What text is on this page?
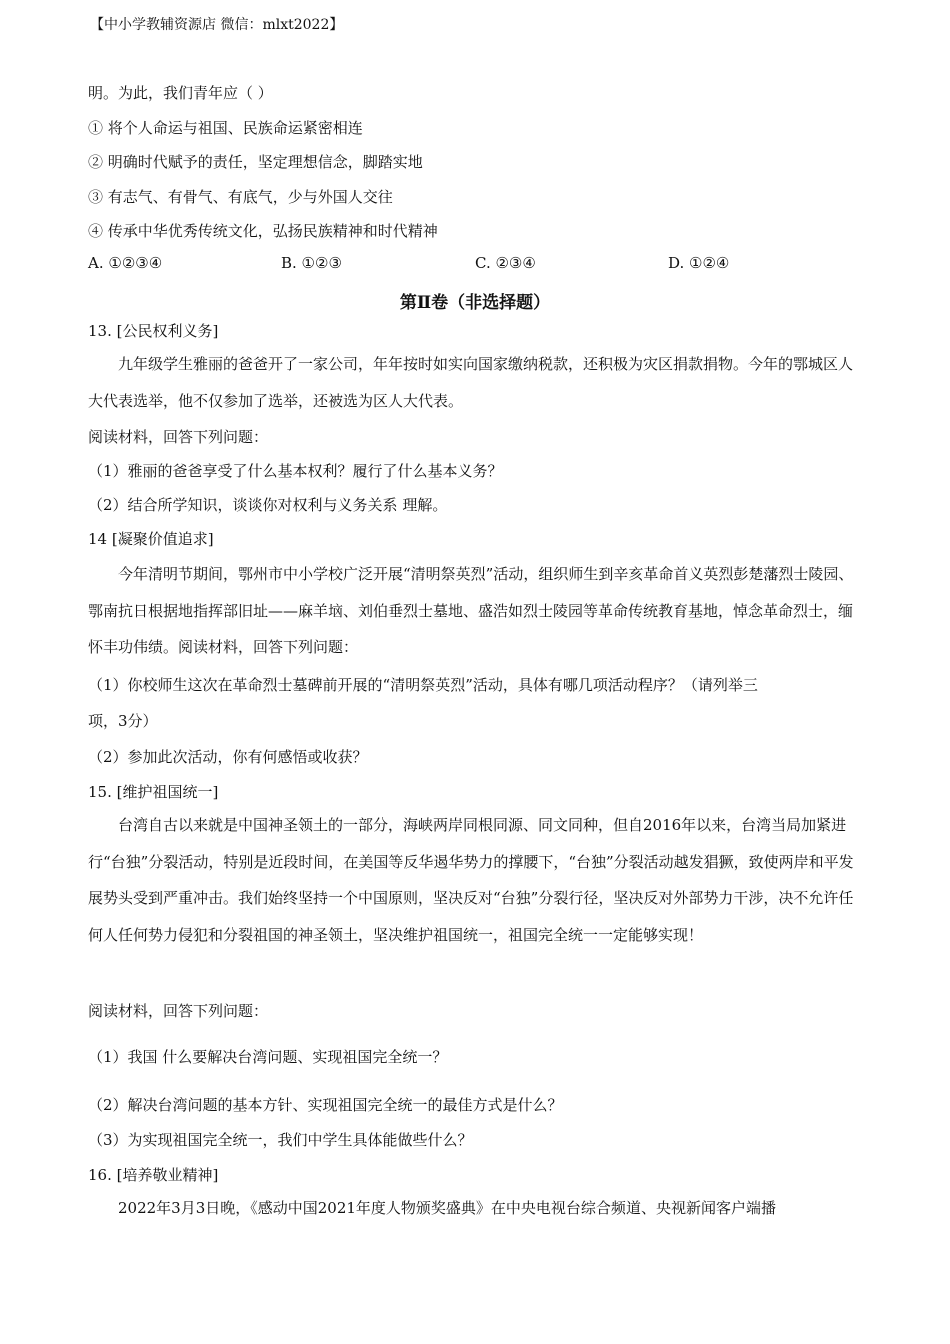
【中小学教辅资源店 微信：mlxt2022】
明。为此，我们青年应（ ）
① 将个人命运与祖国、民族命运紧密相连
② 明确时代赋予的责任，坚定理想信念，脚踏实地
③ 有志气、有骨气、有底气，少与外国人交往
④ 传承中华优秀传统文化，弘扬民族精神和时代精神
A. ①②③④	B. ①②③	C. ②③④	D. ①②④
第Ⅱ卷（非选择题）
13. [公民权利义务]
九年级学生雅丽的爸爸开了一家公司，年年按时如实向国家缴纳税款，还积极为灾区捐款捐物。今年的鄂城区人大代表选举，他不仅参加了选举，还被选为区人大代表。
阅读材料，回答下列问题：
（1）雅丽的爸爸享受了什么基本权利？履行了什么基本义务？
（2）结合所学知识，谈谈你对权利与义务关系 理解。
14 [凝聚价值追求]
今年清明节期间，鄂州市中小学校广泛开展“清明祭英烈”活动，组织师生到辛亥革命首义英烈彭楚藩烈士陵园、鄂南抗日根据地指挥部旧址——麻羊垴、刘伯垂烈士墓地、盛浩如烈士陵园等革命传统教育基地，悼念革命烈士，缅怀丰功伟绩。阅读材料，回答下列问题：
（1）你校师生这次在革命烈士墓碑前开展的“清明祭英烈”活动，具体有哪几项活动程序？（请列举三
项，3分）
（2）参加此次活动，你有何感悟或收获？
15. [维护祖国统一]
台湾自古以来就是中国神圣领土的一部分，海峡两岸同根同源、同文同种，但自2016年以来，台湾当局加紧进行“台独”分裂活动，特别是近段时间，在美国等反华遏华势力的撑腰下，“台独”分裂活动越发猖獗，致使两岸和平发展势头受到严重冲击。我们始终坚持一个中国原则，坚决反对“台独”分裂行径，坚决反对外部势力干涉，决不允许任何人任何势力侵犯和分裂祖国的神圣领土，坚决维护祖国统一，祖国完全统一一定能够实现！
阅读材料，回答下列问题：
（1）我国 什么要解决台湾问题、实现祖国完全统一？
（2）解决台湾问题的基本方针、实现祖国完全统一的最佳方式是什么？
（3）为实现祖国完全统一，我们中学生具体能做些什么？
16. [培养敬业精神]
2022年3月3日晚，《感动中国2021年度人物颁奖盛典》在中央电视台综合频道、央视新闻客户端播
